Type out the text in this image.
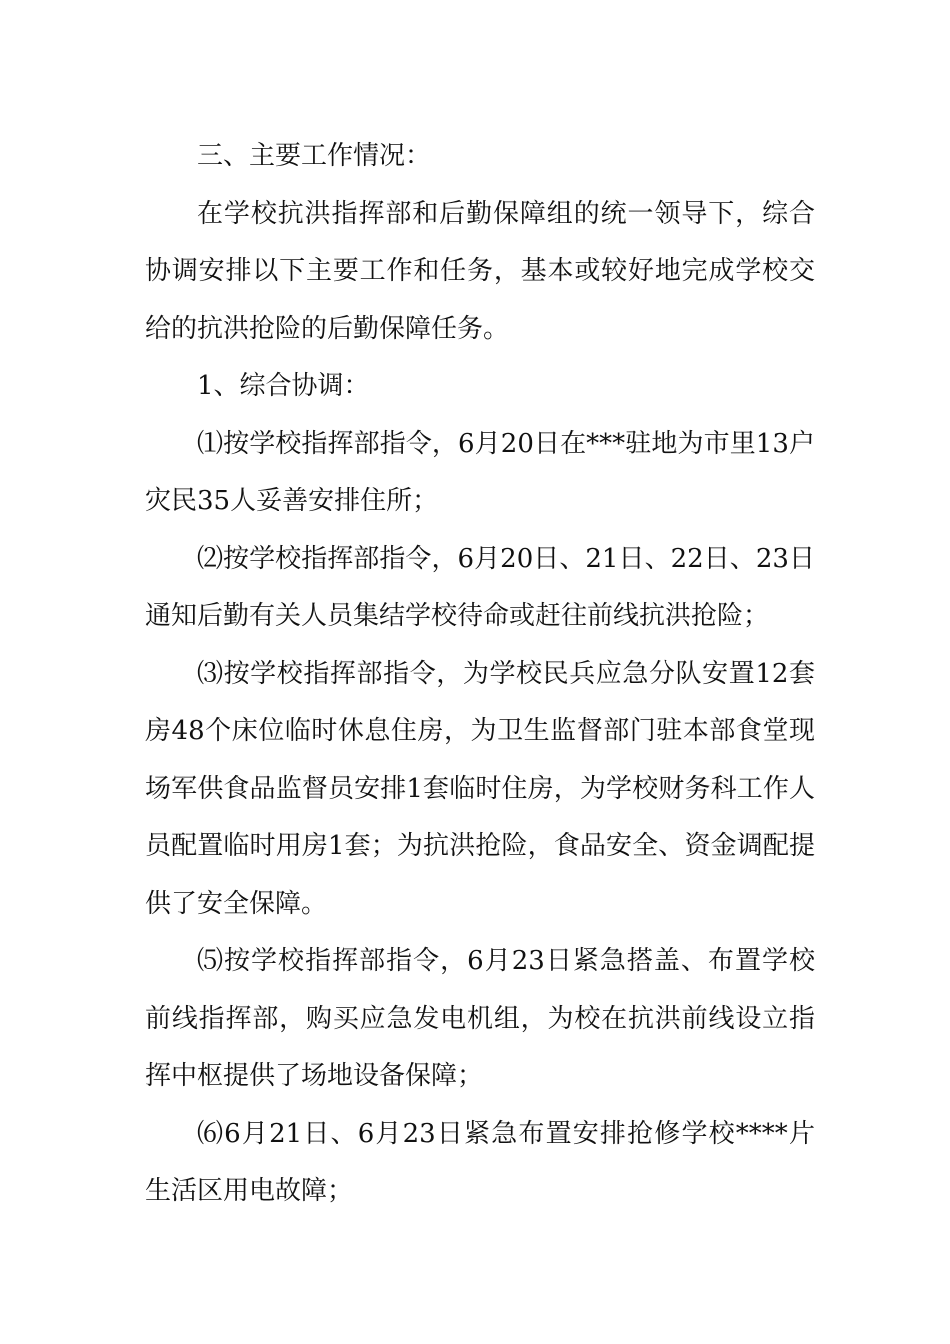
三、主要工作情况：

在学校抗洪指挥部和后勤保障组的统一领导下，综合协调安排以下主要工作和任务，基本或较好地完成学校交给的抗洪抢险的后勤保障任务。

1、综合协调：

⑴按学校指挥部指令，6月20日在***驻地为市里13户灾民35人妥善安排住所；

⑵按学校指挥部指令，6月20日、21日、22日、23日通知后勤有关人员集结学校待命或赶往前线抗洪抢险；

⑶按学校指挥部指令，为学校民兵应急分队安置12套房48个床位临时休息住房，为卫生监督部门驻本部食堂现场军供食品监督员安排1套临时住房，为学校财务科工作人员配置临时用房1套；为抗洪抢险，食品安全、资金调配提供了安全保障。

⑸按学校指挥部指令，6月23日紧急搭盖、布置学校前线指挥部，购买应急发电机组，为校在抗洪前线设立指挥中枢提供了场地设备保障；

⑹6月21日、6月23日紧急布置安排抢修学校****片生活区用电故障；
